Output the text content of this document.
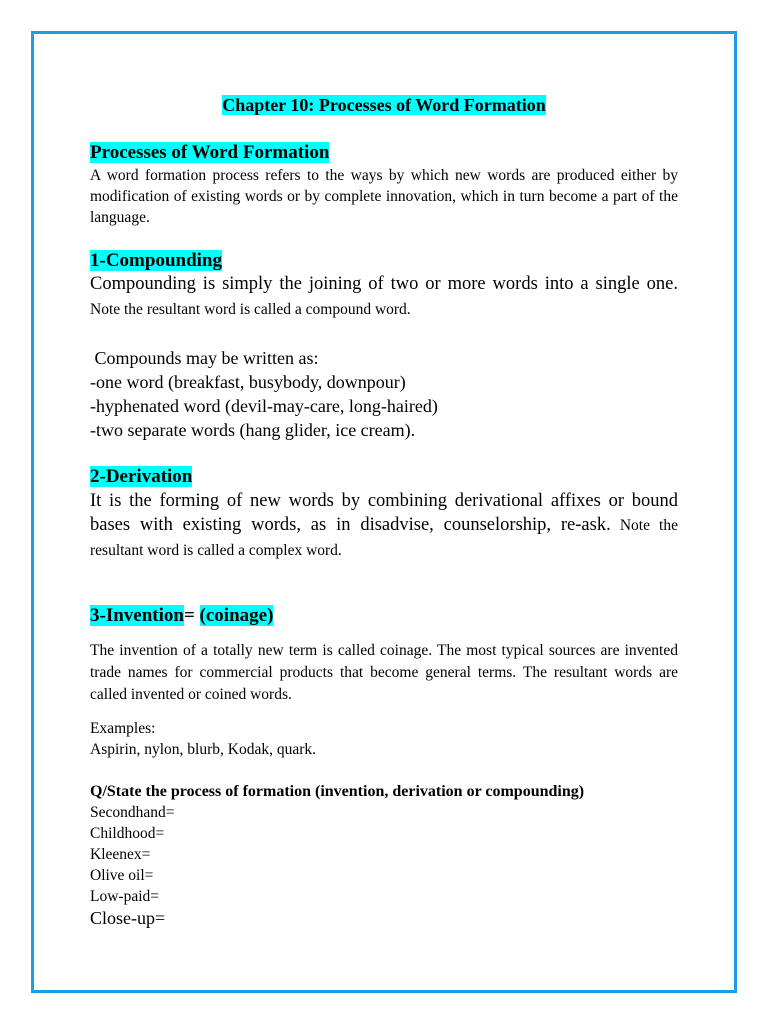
Chapter 10: Processes of Word Formation
Processes of Word Formation
A word formation process refers to the ways by which new words are produced either by modification of existing words or by complete innovation, which in turn become a part of the language.
1-Compounding
Compounding is simply the joining of two or more words into a single one. Note the resultant word is called a compound word.
Compounds may be written as:
-one word (breakfast, busybody, downpour)
-hyphenated word (devil-may-care, long-haired)
-two separate words (hang glider, ice cream).
2-Derivation
It is the forming of new words by combining derivational affixes or bound bases with existing words, as in disadvise, counselorship, re-ask. Note the resultant word is called a complex word.
3-Invention= (coinage)
The invention of a totally new term is called coinage. The most typical sources are invented trade names for commercial products that become general terms. The resultant words are called invented or coined words.
Examples:
Aspirin, nylon, blurb, Kodak, quark.
Q/State the process of formation (invention, derivation or compounding)
Secondhand=
Childhood=
Kleenex=
Olive oil=
Low-paid=
Close-up=
